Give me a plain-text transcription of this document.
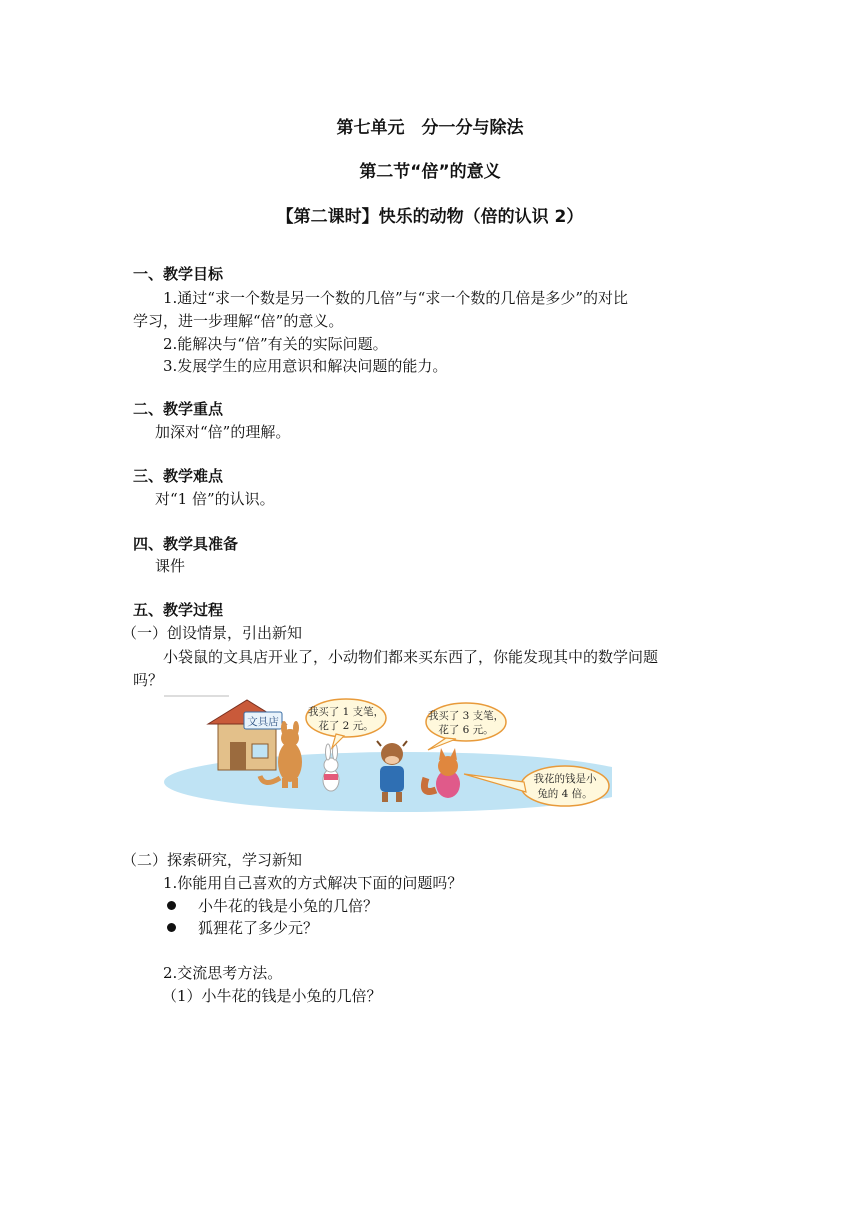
第七单元　分一分与除法
第二节“倍”的意义
【第二课时】快乐的动物（倍的认识 2）
一、教学目标
1.通过“求一个数是另一个数的几倍”与“求一个数的几倍是多少”的对比
学习，进一步理解“倍”的意义。
2.能解决与“倍”有关的实际问题。
3.发展学生的应用意识和解决问题的能力。
二、教学重点
加深对“倍”的理解。
三、教学难点
对“1 倍”的认识。
四、教学具准备
课件
五、教学过程
（一）创设情景，引出新知
小袋鼠的文具店开业了，小动物们都来买东西了，你能发现其中的数学问题
吗？
文具店
我买了 1 支笔，
花了 2 元。
我买了 3 支笔，
花了 6 元。
我花的钱是小
兔的 4 倍。
（二）探索研究，学习新知
1.你能用自己喜欢的方式解决下面的问题吗？
小牛花的钱是小兔的几倍？
狐狸花了多少元？
2.交流思考方法。
（1）小牛花的钱是小兔的几倍？
